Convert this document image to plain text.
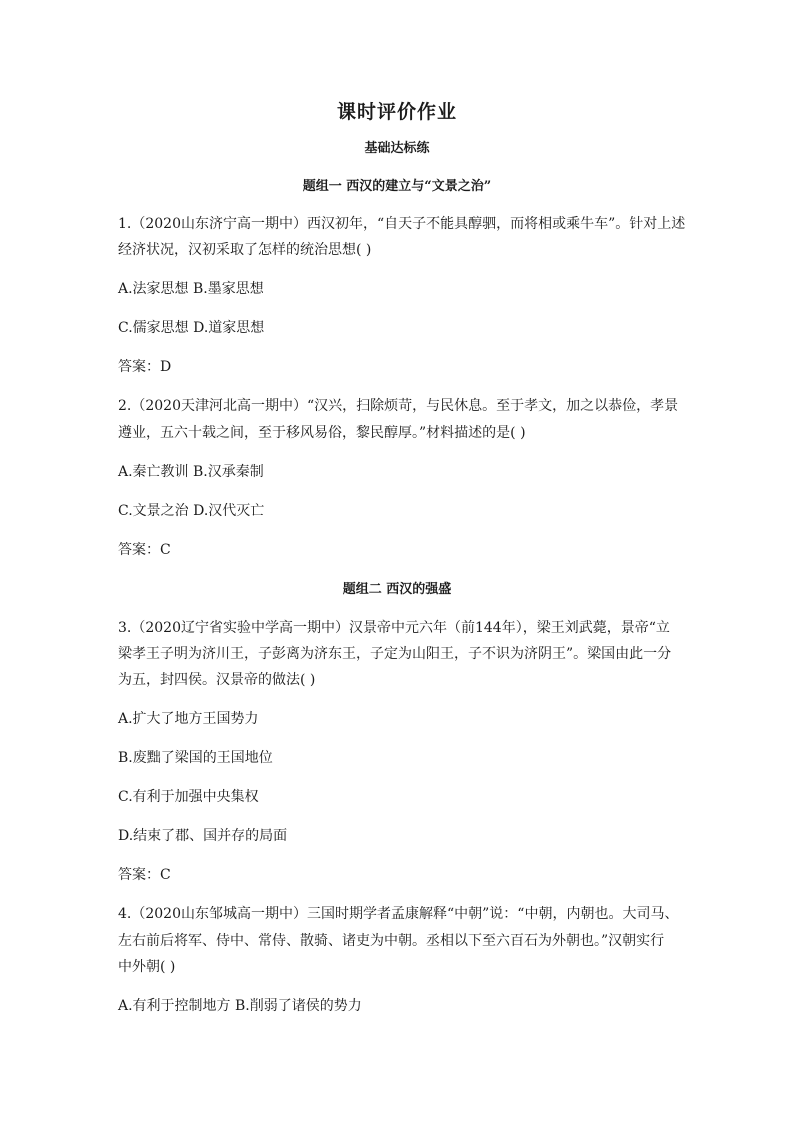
课时评价作业
基础达标练
题组一 西汉的建立与“文景之治”
1.（2020山东济宁高一期中）西汉初年，“自天子不能具醇驷，而将相或乘牛车”。针对上述
经济状况，汉初采取了怎样的统治思想( )
A.法家思想 B.墨家思想
C.儒家思想 D.道家思想
答案：D
2.（2020天津河北高一期中）“汉兴，扫除烦苛，与民休息。至于孝文，加之以恭俭，孝景
遵业，五六十载之间，至于移风易俗，黎民醇厚。”材料描述的是( )
A.秦亡教训 B.汉承秦制
C.文景之治 D.汉代灭亡
答案：C
题组二 西汉的强盛
3.（2020辽宁省实验中学高一期中）汉景帝中元六年（前144年），梁王刘武薨，景帝“立
梁孝王子明为济川王，子彭离为济东王，子定为山阳王，子不识为济阴王”。梁国由此一分
为五，封四侯。汉景帝的做法( )
A.扩大了地方王国势力
B.废黜了梁国的王国地位
C.有利于加强中央集权
D.结束了郡、国并存的局面
答案：C
4.（2020山东邹城高一期中）三国时期学者孟康解释“中朝”说：“中朝，内朝也。大司马、
左右前后将军、侍中、常侍、散骑、诸吏为中朝。丞相以下至六百石为外朝也。”汉朝实行
中外朝( )
A.有利于控制地方 B.削弱了诸侯的势力
